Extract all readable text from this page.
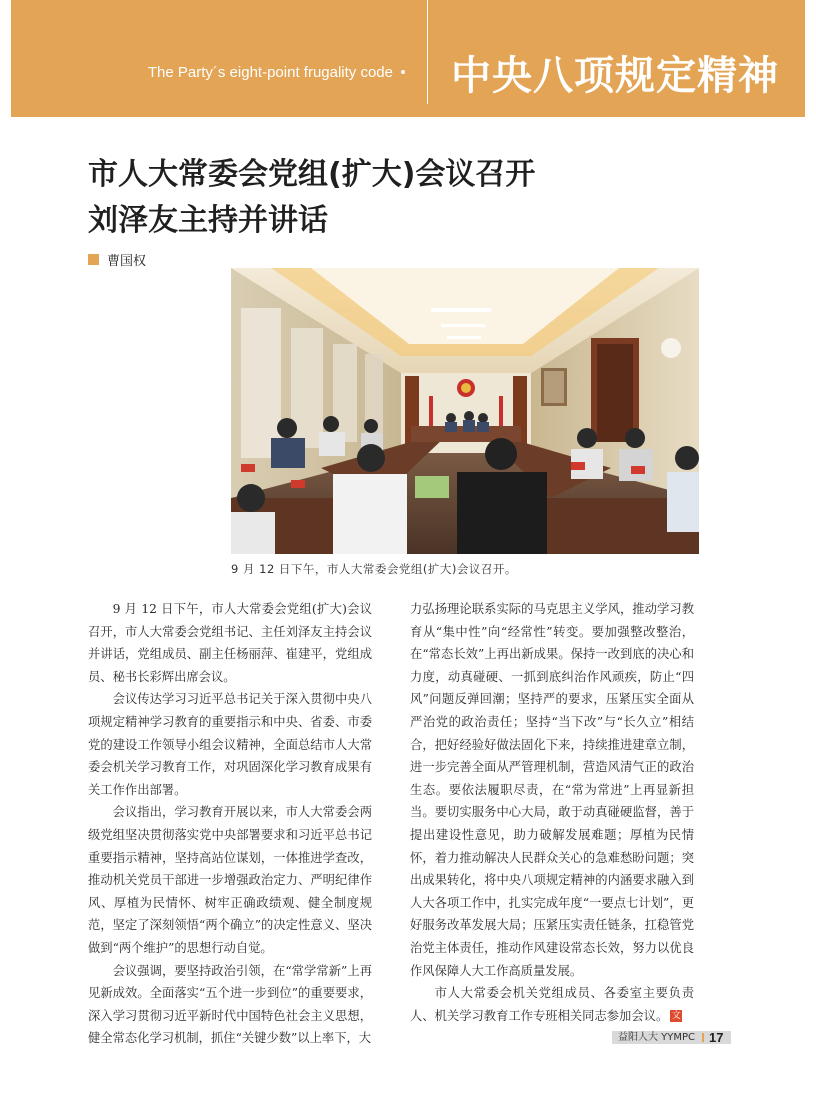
The Party´s eight-point frugality code 中央八项规定精神
市人大常委会党组(扩大)会议召开
刘泽友主持并讲话
曹国权
9 月 12 日下午，市人大常委会党组(扩大)会议召开。

9 月 12 日下午，市人大常委会党组(扩大)会议召开，市人大常委会党组书记、主任刘泽友主持会议并讲话，党组成员、副主任杨丽萍、崔建平，党组成员、秘书长彩辉出席会议。

会议传达学习习近平总书记关于深入贯彻中央八项规定精神学习教育的重要指示和中央、省委、市委党的建设工作领导小组会议精神，全面总结市人大常委会机关学习教育工作，对巩固深化学习教育成果有关工作作出部署。

会议指出，学习教育开展以来，市人大常委会两级党组坚决贯彻落实党中央部署要求和习近平总书记重要指示精神，坚持高站位谋划，一体推进学查改，推动机关党员干部进一步增强政治定力、严明纪律作风、厚植为民情怀、树牢正确政绩观、健全制度规范，坚定了深刻领悟“两个确立”的决定性意义、坚决做到“两个维护”的思想行动自觉。

会议强调，要坚持政治引领，在“常学常新”上再见新成效。全面落实“五个进一步到位”的重要要求，深入学习贯彻习近平新时代中国特色社会主义思想，健全常态化学习机制，抓住“关键少数”以上率下，大

力弘扬理论联系实际的马克思主义学风，推动学习教育从“集中性”向“经常性”转变。要加强整改整治，在“常态长效”上再出新成果。保持一改到底的决心和力度，动真碰硬、一抓到底纠治作风顽疾，防止“四风”问题反弹回潮；坚持严的要求，压紧压实全面从严治党的政治责任；坚持“当下改”与“长久立”相结合，把好经验好做法固化下来，持续推进建章立制，进一步完善全面从严管理机制，营造风清气正的政治生态。要依法履职尽责，在“常为常进”上再显新担当。要切实服务中心大局，敢于动真碰硬监督，善于提出建设性意见，助力破解发展难题；厚植为民情怀，着力推动解决人民群众关心的急难愁盼问题；突出成果转化，将中央八项规定精神的内涵要求融入到人大各项工作中，扎实完成年度“一要点七计划”，更好服务改革发展大局；压紧压实责任链条，扛稳管党治党主体责任，推动作风建设常态长效，努力以优良作风保障人大工作高质量发展。

市人大常委会机关党组成员、各委室主要负责人、机关学习教育工作专班相关同志参加会议。 文

益阳人大 YYMPC 17
